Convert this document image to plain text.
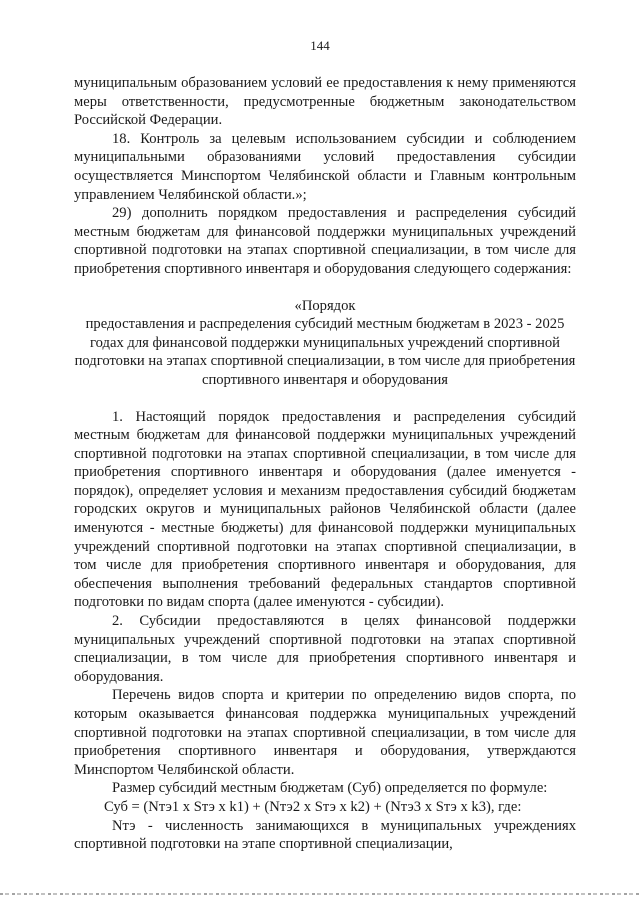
144

муниципальным образованием условий ее предоставления к нему применяются меры ответственности, предусмотренные бюджетным законодательством Российской Федерации.

18. Контроль за целевым использованием субсидии и соблюдением муниципальными образованиями условий предоставления субсидии осуществляется Минспортом Челябинской области и Главным контрольным управлением Челябинской области.»;

29) дополнить порядком предоставления и распределения субсидий местным бюджетам для финансовой поддержки муниципальных учреждений спортивной подготовки на этапах спортивной специализации, в том числе для приобретения спортивного инвентаря и оборудования следующего содержания:

«Порядок
предоставления и распределения субсидий местным бюджетам в 2023 - 2025 годах для финансовой поддержки муниципальных учреждений спортивной подготовки на этапах спортивной специализации, в том числе для приобретения спортивного инвентаря и оборудования

1. Настоящий порядок предоставления и распределения субсидий местным бюджетам для финансовой поддержки муниципальных учреждений спортивной подготовки на этапах спортивной специализации, в том числе для приобретения спортивного инвентаря и оборудования (далее именуется - порядок), определяет условия и механизм предоставления субсидий бюджетам городских округов и муниципальных районов Челябинской области (далее именуются - местные бюджеты) для финансовой поддержки муниципальных учреждений спортивной подготовки на этапах спортивной специализации, в том числе для приобретения спортивного инвентаря и оборудования, для обеспечения выполнения требований федеральных стандартов спортивной подготовки по видам спорта (далее именуются - субсидии).

2. Субсидии предоставляются в целях финансовой поддержки муниципальных учреждений спортивной подготовки на этапах спортивной специализации, в том числе для приобретения спортивного инвентаря и оборудования.

Перечень видов спорта и критерии по определению видов спорта, по которым оказывается финансовая поддержка муниципальных учреждений спортивной подготовки на этапах спортивной специализации, в том числе для приобретения спортивного инвентаря и оборудования, утверждаются Минспортом Челябинской области.

Размер субсидий местным бюджетам (Суб) определяется по формуле:

Суб = (Nтэ1 x Sтэ x k1) + (Nтэ2 x Sтэ x k2) + (Nтэ3 x Sтэ x k3), где:

Nтэ - численность занимающихся в муниципальных учреждениях спортивной подготовки на этапе спортивной специализации,
